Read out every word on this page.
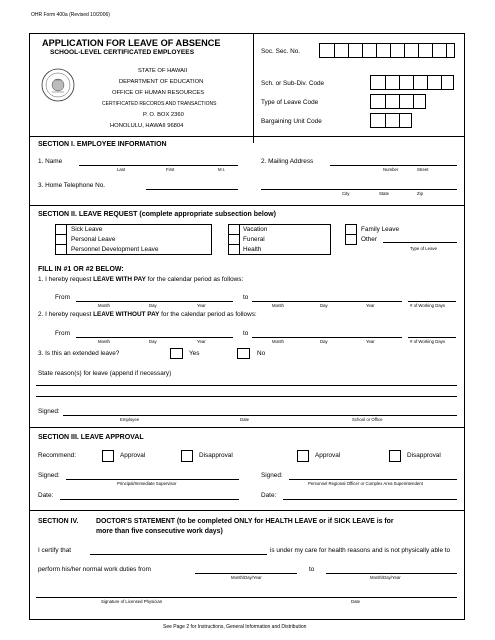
OHR Form 400a (Revised 10/2006)
APPLICATION FOR LEAVE OF ABSENCE
SCHOOL-LEVEL CERTIFICATED EMPLOYEES
STATE OF HAWAII
DEPARTMENT OF EDUCATION
OFFICE OF HUMAN RESOURCES
CERTIFICATED RECORDS AND TRANSACTIONS
P. O. BOX 2360
HONOLULU, HAWAII 96804
Soc. Sec. No.
Sch. or Sub-Div. Code
Type of Leave Code
Bargaining Unit Code
SECTION I. EMPLOYEE INFORMATION
1. Name
Last	First	M.I.
2. Mailing Address
Number	Street
3. Home Telephone No.
City	State	Zip
SECTION II. LEAVE REQUEST (complete appropriate subsection below)
Sick Leave
Personal Leave
Personnel Development Leave
Vacation
Funeral
Health
Family Leave
Other
Type of Leave
FILL IN #1 OR #2 BELOW:
1. I hereby request LEAVE WITH PAY for the calendar period as follows:
From	to
Month	Day	Year	Month	Day	Year	# of Working Days
2. I hereby request LEAVE WITHOUT PAY for the calendar period as follows:
From	to
Month	Day	Year	Month	Day	Year	# of Working Days
3. Is this an extended leave?	Yes	No
State reason(s) for leave (append if necessary)
Signed:
Employee	Date	School or Office
SECTION III. LEAVE APPROVAL
Recommend:	Approval	Disapproval	Approval	Disapproval
Signed:
Principal/Immediate Supervisor
Signed:
Personnel Regional Officer or Complex Area Superintendent
Date:	Date:
SECTION IV.	DOCTOR'S STATEMENT (to be completed ONLY for HEALTH LEAVE or if SICK LEAVE is for
more than five consecutive work days)
I certify that	is under my care for health reasons and is not physically able to
perform his/her normal work duties from
Month/Day/Year
to
Month/Day/Year
Signature of Licensed Physician	Date
See Page 2 for Instructions, General Information and Distribution
